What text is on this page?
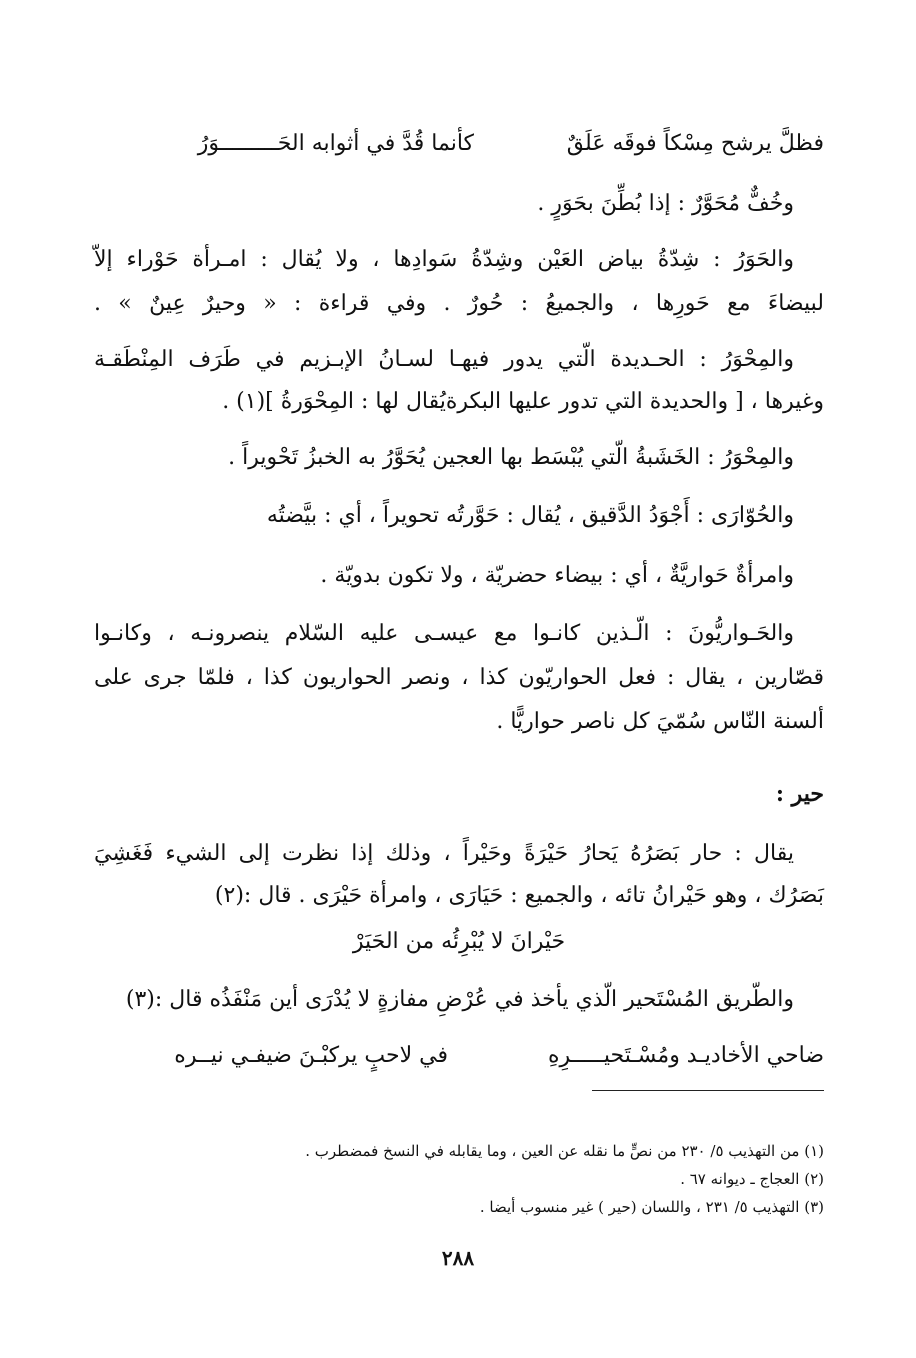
فظلَّ يرشح مِسْكاً فوقَه عَلَقٌ
كأنما قُدَّ في أثوابه الحَـــــــــوَرُ
وخُفٌّ مُحَوَّرٌ : إذا بُطِّنَ بحَوَرٍ .
والحَوَرُ : شِدّةُ بياض العَيْن وشِدّةُ سَوادِها ، ولا يُقال : امـرأة حَوْراء إلاّ
لبيضاءَ مع حَورِها ، والجميعُ : حُورٌ . وفي قراءة : « وحيرٌ عِينٌ » .
والمِحْوَرُ : الحـديدة الّتي يدور فيهـا لسـانُ الإبـزيم في طَرَف المِنْطَقـة
وغيرها ، [ والحديدة التي تدور عليها البكرةيُقال لها : المِحْوَرةُ ](١) .
والمِحْوَرُ : الخَشَبةُ الّتي يُبْسَط بها العجين يُحَوَّرُ به الخبزُ تَحْويراً .
والحُوّارَى : أَجْوَدُ الدَّقيق ، يُقال : حَوَّرتُه تحويراً ، أي : بيَّضتُه
وامرأةٌ حَواريَّةٌ ، أي : بيضاء حضريّة ، ولا تكون بدويّة .
والحَـواريُّونَ : الّـذين كانـوا مع عيسـى عليه السّلام ينصرونـه ، وكانـوا
قصّارين ، يقال : فعل الحواريّون كذا ، ونصر الحواريون كذا ، فلمّا جرى على
ألسنة النّاس سُمّيَ كل ناصر حواريًّا .
حير :
يقال : حار بَصَرُهُ يَحارُ حَيْرَةً وحَيْراً ، وذلك إذا نظرت إلى الشيء فَغَشِيَ
بَصَرُك ، وهو حَيْرانُ تائه ، والجميع : حَيَارَى ، وامرأة حَيْرَى . قال :(٢)
حَيْرانَ لا يُبْرِئُه من الحَيَرْ
والطّريق المُسْتَحير الّذي يأخذ في عُرْضِ مفازةٍ لا يُدْرَى أين مَنْفَذُه قال :(٣)
ضاحي الأخاديـد ومُسْـتَحيـــــرِهِ
في لاحبٍ يركبْـنَ ضيفـي نيــره
(١) من التهذيب ٥/ ٢٣٠ من نصٍّ ما نقله عن العين ، وما يقابله في النسخ فمضطرب .
(٢) العجاج ـ ديوانه ٦٧ .
(٣) التهذيب ٥/ ٢٣١ ، واللسان (حير ) غير منسوب أيضا .
٢٨٨
